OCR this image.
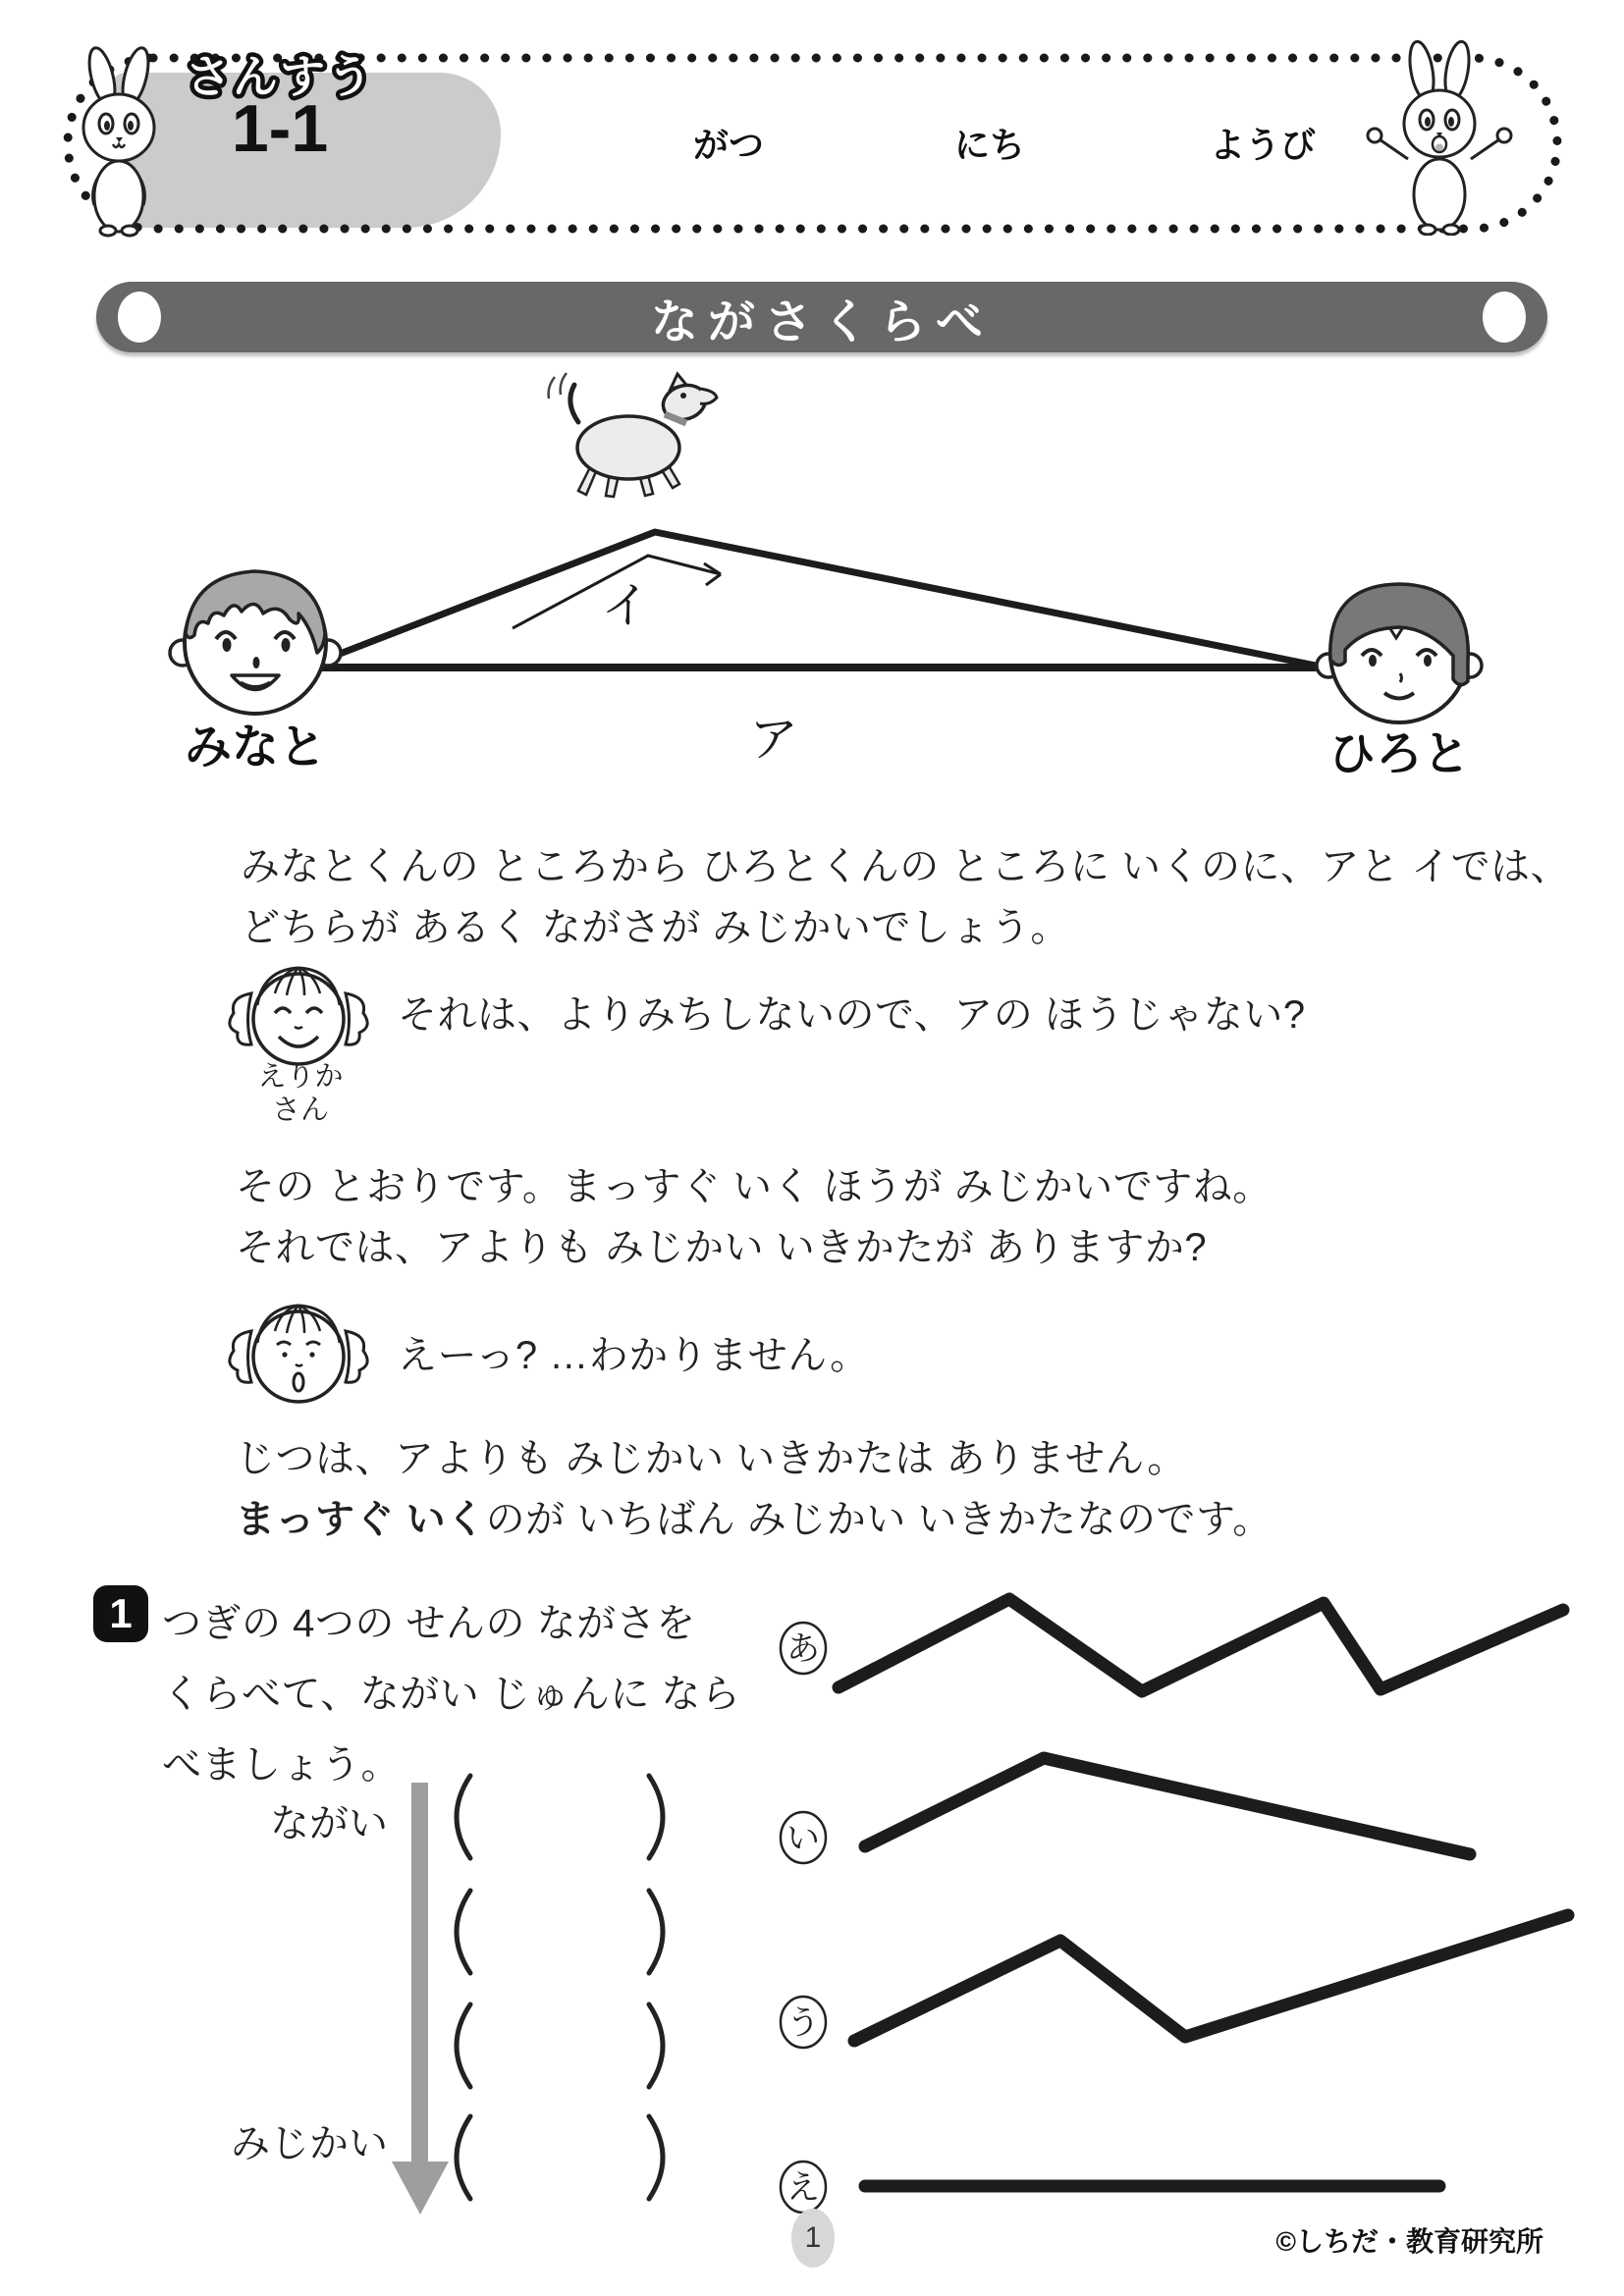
さんすう
1-1	がつ	にち	ようび
ながさくらべ
イ
ア
みなと	ひろと
みなとくんの ところから ひろとくんの ところに いくのに、アと イでは、
どちらが あるく ながさが みじかいでしょう。
えりか
さん
それは、よりみちしないので、アの ほうじゃない?
その とおりです。まっすぐ いく ほうが みじかいですね。
それでは、アよりも みじかい いきかたが ありますか?
えーっ? …わかりません。
じつは、アよりも みじかい いきかたは ありません。
まっすぐ いくのが いちばん みじかい いきかたなのです。
1 つぎの 4つの せんの ながさを
くらべて、ながい じゅんに なら
べましょう。
ながい
みじかい
あ
い
う
え
1	©しちだ・教育研究所
